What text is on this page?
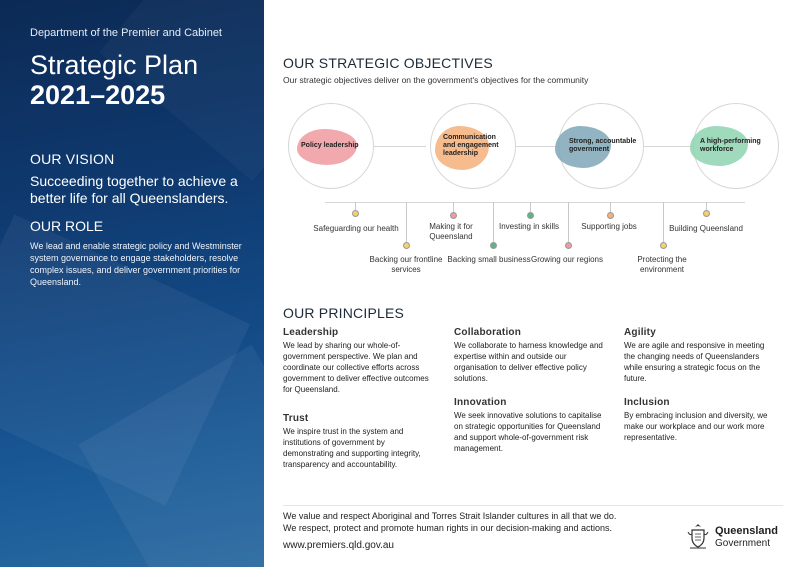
Department of the Premier and Cabinet
Strategic Plan
2021–2025
OUR VISION
Succeeding together to achieve a better life for all Queenslanders.
OUR ROLE
We lead and enable strategic policy and Westminster system governance to engage stakeholders, resolve complex issues, and deliver government priorities for Queensland.
OUR STRATEGIC OBJECTIVES
Our strategic objectives deliver on the government's objectives for the community
Policy leadership
Communication and engagement leadership
Strong, accountable government
A high-performing workforce
Safeguarding our health
Backing our frontline services
Making it for Queensland
Backing small business
Investing in skills
Growing our regions
Supporting jobs
Protecting the environment
Building Queensland
OUR PRINCIPLES
Leadership
We lead by sharing our whole-of-government perspective. We plan and coordinate our collective efforts across government to deliver effective outcomes for Queensland.
Trust
We inspire trust in the system and institutions of government by demonstrating and supporting integrity, transparency and accountability.
Collaboration
We collaborate to harness knowledge and expertise within and outside our organisation to deliver effective policy solutions.
Innovation
We seek innovative solutions to capitalise on strategic opportunities for Queensland and support whole-of-government risk management.
Agility
We are agile and responsive in meeting the changing needs of Queenslanders while ensuring a strategic focus on the future.
Inclusion
By embracing inclusion and diversity, we make our workplace and our work more representative.
We value and respect Aboriginal and Torres Strait Islander cultures in all that we do.
We respect, protect and promote human rights in our decision-making and actions.
www.premiers.qld.gov.au
Queensland
Government
